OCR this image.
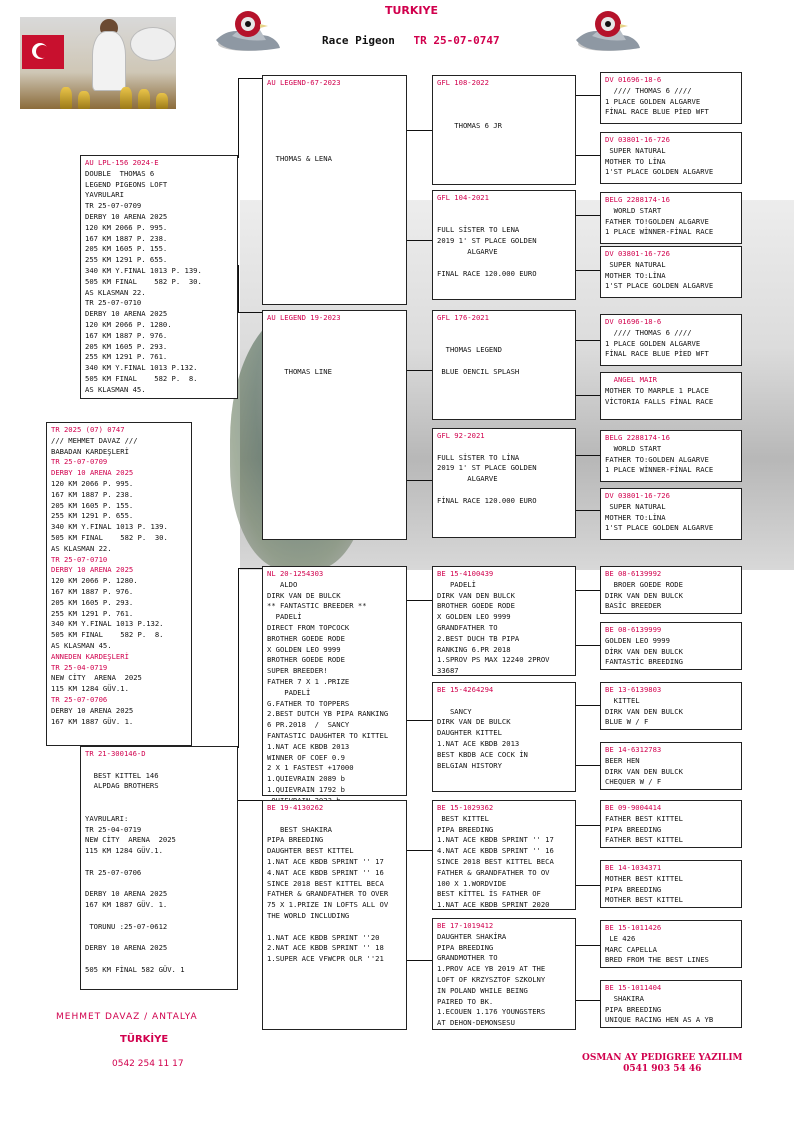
TURKIYE
Race Pigeon TR 25-07-0747
TR 2025 (07) 0747
/// MEHMET DAVAZ ///
BABADAN KARDEŞLERİ
TR 25-07-0709
DERBY 10 ARENA 2025
120 KM 2066 P. 995.
167 KM 1887 P. 238.
205 KM 1605 P. 155.
255 KM 1291 P. 655.
340 KM Y.FINAL 1013 P. 139.
505 KM FINAL    582 P.  30.
AS KLASMAN 22.
TR 25-07-0710
DERBY 10 ARENA 2025
120 KM 2066 P. 1280.
167 KM 1887 P. 976.
205 KM 1605 P. 293.
255 KM 1291 P. 761.
340 KM Y.FINAL 1013 P.132.
505 KM FINAL    582 P.  8.
AS KLASMAN 45.
ANNEDEN KARDEŞLERİ
TR 25-04-0719
NEW CİTY  ARENA  2025
115 KM 1284 GÜV.1.
TR 25-07-0706
DERBY 10 ARENA 2025
167 KM 1887 GÜV. 1.
AU LPL-156 2024-E
DOUBLE  THOMAS 6
LEGEND PIGEONS LOFT
YAVRULARI
TR 25-07-0709
DERBY 10 ARENA 2025
120 KM 2066 P. 995.
167 KM 1887 P. 238.
205 KM 1605 P. 155.
255 KM 1291 P. 655.
340 KM Y.FINAL 1013 P. 139.
505 KM FINAL    582 P.  30.
AS KLASMAN 22.
TR 25-07-0710
DERBY 10 ARENA 2025
120 KM 2066 P. 1280.
167 KM 1887 P. 976.
205 KM 1605 P. 293.
255 KM 1291 P. 761.
340 KM Y.FINAL 1013 P.132.
505 KM FINAL    582 P.  8.
AS KLASMAN 45.
TR 21-300146-D

BEST KITTEL 146
ALPDAG BROTHERS

YAVRULARI:
TR 25-04-0719
NEW CİTY  ARENA  2025
115 KM 1284 GÜV.1.

TR 25-07-0706

DERBY 10 ARENA 2025
167 KM 1887 GÜV. 1.

TORUNU :25-07-0612

DERBY 10 ARENA 2025

505 KM FİNAL 582 GÜV. 1
AU LEGEND-67-2023

THOMAS & LENA
AU LEGEND 19-2023

THOMAS LINE
NL 20-1254303
ALDO
DIRK VAN DE BULCK
** FANTASTIC BREEDER **
PADELİ
DIRECT FROM TOPCOCK
BROTHER GOEDE RODE
X GOLDEN LEO 9999
BROTHER GOEDE RODE
SUPER BREEDER!
FATHER 7 X 1 .PRIZE
PADELİ
G.FATHER TO TOPPERS
2.BEST DUTCH YB PIPA RANKING
6 PR.2018  /  SANCY
FANTASTIC DAUGHTER TO KITTEL
1.NAT ACE KBDB 2013
WINNER OF COEF 0.9
2 X 1 FASTEST +17000
1.QUIEVRAIN 2089 b
1.QUIEVRAIN 1792 b
BE 19-4130262

BEST SHAKIRA
PIPA BREEDING
DAUGHTER BEST KITTEL
1.NAT ACE KBDB SPRINT '' 17
4.NAT ACE KBDB SPRINT '' 16
SINCE 2018 BEST KITTEL BECA
FATHER & GRANDFATHER TO OVER
75 X 1.PRIZE IN LOFTS ALL OV
THE WORLD INCLUDING

1.NAT ACE KBDB SPRINT ''20
2.NAT ACE KBDB SPRINT '' 18
1.SUPER ACE VFWCPR OLR ''21
GFL 108-2022

THOMAS 6 JR
GFL 104-2021

FULL SİSTER TO LENA
2019 1' ST PLACE GOLDEN
ALGARVE

FINAL RACE 120.000 EURO
GFL 176-2021

THOMAS LEGEND

BLUE OENCIL SPLASH
GFL 92-2021

FULL SİSTER TO LİNA
2019 1' ST PLACE GOLDEN
ALGARVE

FİNAL RACE 120.000 EURO
BE 15-4100439
PADELİ
DIRK VAN DEN BULCK
BROTHER GOEDE RODE
X GOLDEN LEO 9999
GRANDFATHER TO
2.BEST DUCH TB PIPA
RANKING 6.PR 2018
1.SPROV PS MAX 12240 2PROV
33687
BE 15-4264294

SANCY
DIRK VAN DE BULCK
DAUGHTER KITTEL
1.NAT ACE KBDB 2013
BEST KBDB ACE COCK İN
BELGIAN HISTORY
BE 15-1029362
BEST KITTEL
PIPA BREEDING
1.NAT ACE KBDB SPRINT '' 17
4.NAT ACE KBDB SPRINT '' 16
SINCE 2018 BEST KITTEL BECA
FATHER & GRANDFATHER TO OV
100 X 1.WORDVIDE
BEST KİTTEL İS FATHER OF
1.NAT ACE KBDB SPRINT 2020
BE 17-1019412
DAUGHTER SHAKİRA
PIPA BREEDING
GRANDMOTHER TO
1.PROV ACE YB 2019 AT THE
LOFT OF KRZYSZTOF SZKOLNY
IN POLAND WHILE BEING
PAIRED TO BK.
1.ECOUEN 1.176 YOUNGSTERS
AT DEHON-DEMONSESU
DV 01696-18-6
//// THOMAS 6 ////
1 PLACE GOLDEN ALGARVE
FİNAL RACE BLUE PİED WFT
DV 03801-16-726
SUPER NATURAL
MOTHER TO LİNA
1'ST PLACE GOLDEN ALGARVE
BELG 2288174-16
WORLD START
FATHER TO!GOLDEN ALGARVE
1 PLACE WİNNER-FİNAL RACE
DV 03801-16-726
SUPER NATURAL
MOTHER TO:LİNA
1'ST PLACE GOLDEN ALGARVE
DV 01696-18-6
//// THOMAS 6 ////
1 PLACE GOLDEN ALGARVE
FİNAL RACE BLUE PİED WFT
ANGEL MAIR
MOTHER TO MARPLE 1 PLACE
VİCTORIA FALLS FİNAL RACE
BELG 2288174-16
WORLD START
FATHER TO:GOLDEN ALGARVE
1 PLACE WİNNER-FİNAL RACE
DV 03801-16-726
SUPER NATURAL
MOTHER TO:LİNA
1'ST PLACE GOLDEN ALGARVE
BE 08-6139992
BROER GOEDE RODE
DIRK VAN DEN BULCK
BASİC BREEDER
BE 08-6139999
GOLDEN LEO 9999
DİRK VAN DEN BULCK
FANTASTİC BREEDING
BE 13-6139803
KITTEL
DIRK VAN DEN BULCK
BLUE W / F
BE 14-6312783
BEER HEN
DIRK VAN DEN BULCK
CHEQUER W / F
BE 09-9004414
FATHER BEST KITTEL
PIPA BREEDING
FATHER BEST KITTEL
BE 14-1034371
MOTHER BEST KITTEL
PIPA BREEDING
MOTHER BEST KITTEL
BE 15-1011426
LE 426
MARC CAPELLA
BRED FROM THE BEST LINES
BE 15-1011404
SHAKIRA
PIPA BREEDING
UNIQUE RACING HEN AS A YB
MEHMET DAVAZ / ANTALYA
TÜRKİYE
0542 254 11 17
OSMAN AY PEDIGREE YAZILIM
0541 903 54 46
